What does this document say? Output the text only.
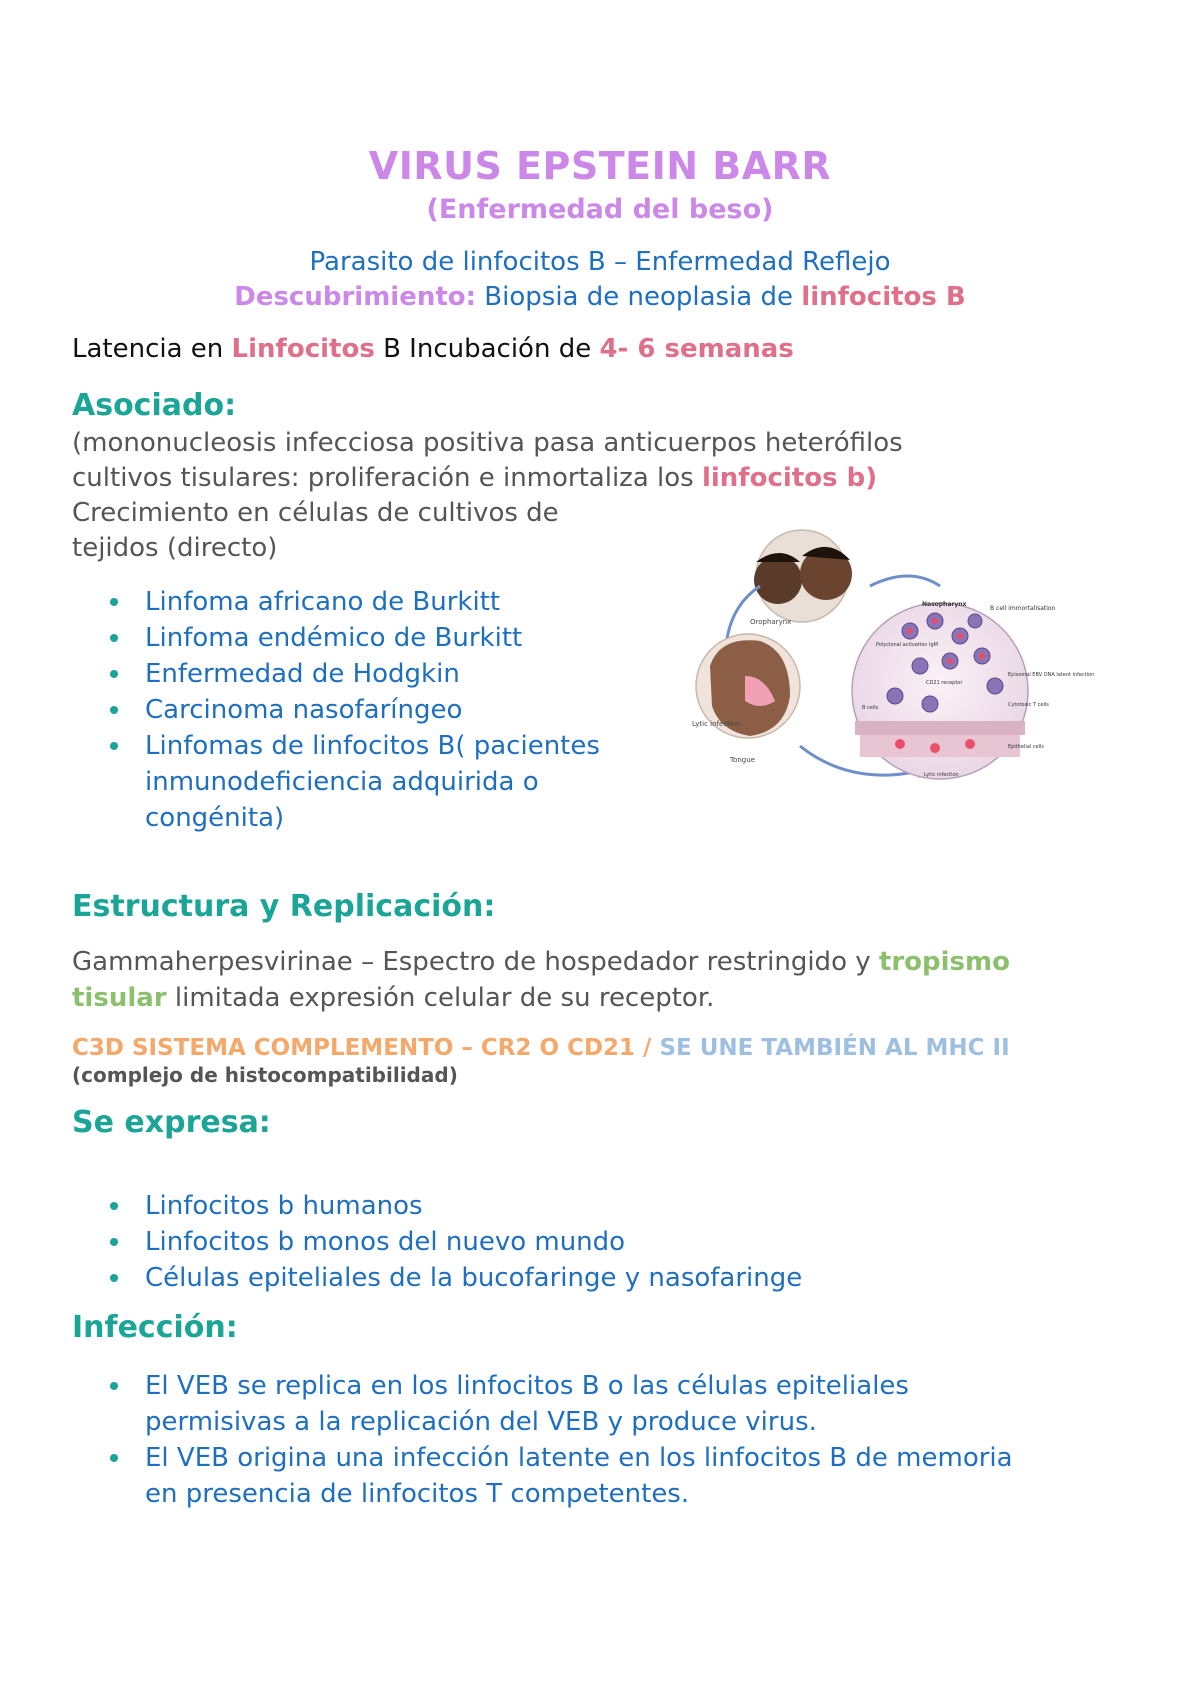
VIRUS EPSTEIN BARR
(Enfermedad del beso)
Parasito de linfocitos B – Enfermedad Reflejo
Descubrimiento: Biopsia de neoplasia de linfocitos B
Latencia en Linfocitos B Incubación de 4- 6 semanas
Asociado:
(mononucleosis infecciosa positiva pasa anticuerpos heterófilos
cultivos tisulares: proliferación e inmortaliza los linfocitos b)
Crecimiento en células de cultivos de
tejidos (directo)
Linfoma africano de Burkitt
Linfoma endémico de Burkitt
Enfermedad de Hodgkin
Carcinoma nasofaríngeo
Linfomas de linfocitos B( pacientes
inmunodeficiencia adquirida o
congénita)
Oropharynx
Lytic infection
Tongue
Nasopharynx
B cell immortalisation
Polyclonal activation IgM
CD21 receptor
B cells
Episomal EBV DNA latent infection
Cytotoxic T cells
Lytic infection
Epithelial cells
Estructura y Replicación:
Gammaherpesvirinae – Espectro de hospedador restringido y tropismo
tisular limitada expresión celular de su receptor.
C3D SISTEMA COMPLEMENTO – CR2 O CD21 / SE UNE TAMBIÉN AL MHC II
(complejo de histocompatibilidad)
Se expresa:
Linfocitos b humanos
Linfocitos b monos del nuevo mundo
Células epiteliales de la bucofaringe y nasofaringe
Infección:
El VEB se replica en los linfocitos B o las células epiteliales
permisivas a la replicación del VEB y produce virus.
El VEB origina una infección latente en los linfocitos B de memoria
en presencia de linfocitos T competentes.
